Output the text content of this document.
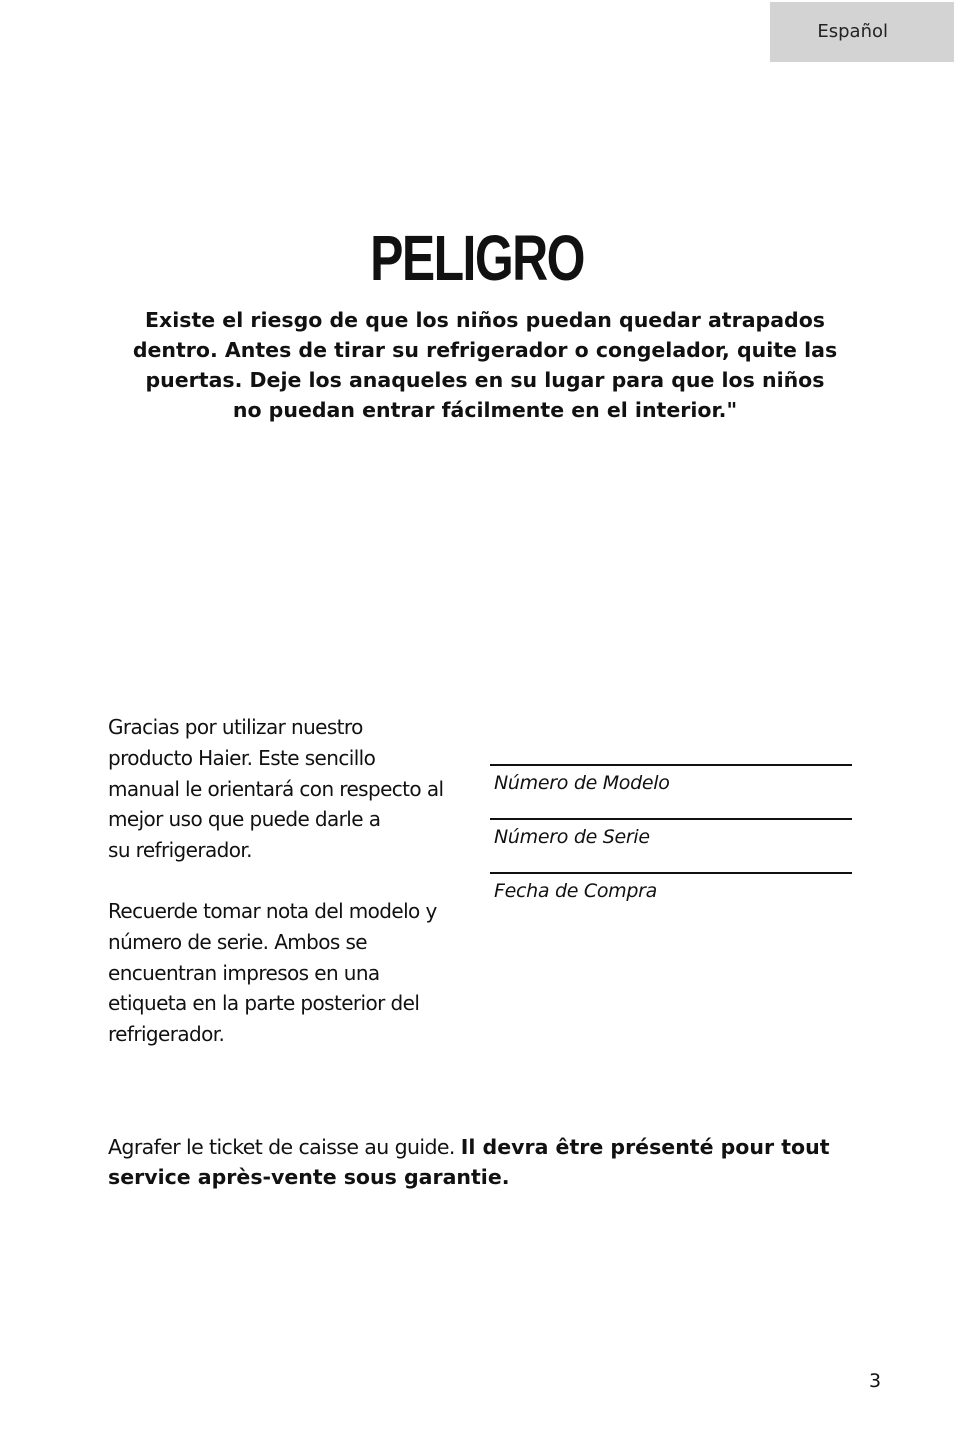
Español
PELIGRO
Existe el riesgo de que los niños puedan quedar atrapados
dentro. Antes de tirar su refrigerador o congelador, quite las
puertas. Deje los anaqueles en su lugar para que los niños
no puedan entrar fácilmente en el interior."
Gracias por utilizar nuestro
producto Haier. Este sencillo
manual le orientará con respecto al
mejor uso que puede darle a
su refrigerador.
Recuerde tomar nota del modelo y
número de serie. Ambos se
encuentran impresos en una
etiqueta en la parte posterior del
refrigerador.
Número de Modelo
Número de Serie
Fecha de Compra
Agrafer le ticket de caisse au guide. Il devra être présenté pour tout
service après-vente sous garantie.
3
